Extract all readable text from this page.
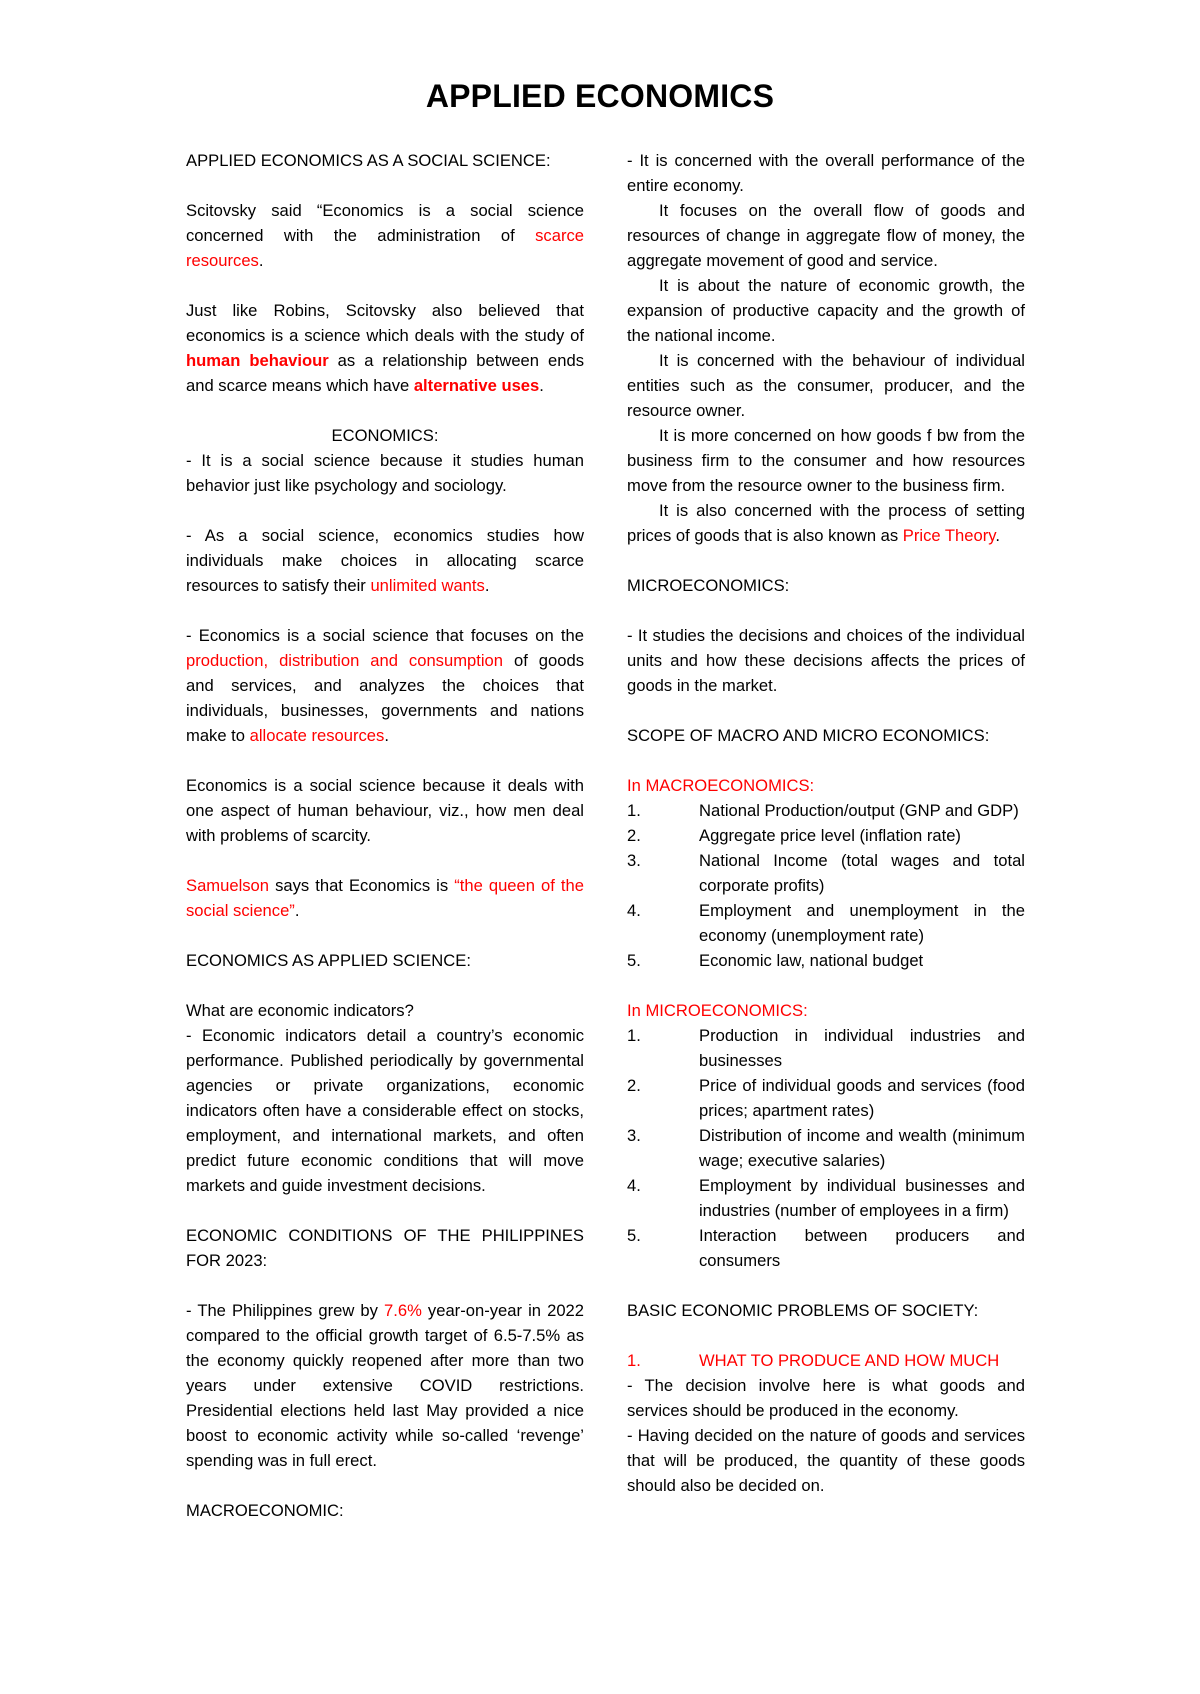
APPLIED ECONOMICS

APPLIED ECONOMICS AS A SOCIAL SCIENCE:

Scitovsky said “Economics is a social science concerned with the administration of scarce resources.

Just like Robins, Scitovsky also believed that economics is a science which deals with the study of human behaviour as a relationship between ends and scarce means which have alternative uses.

ECONOMICS:

- It is a social science because it studies human behavior just like psychology and sociology.

- As a social science, economics studies how individuals make choices in allocating scarce resources to satisfy their unlimited wants.

- Economics is a social science that focuses on the production, distribution and consumption of goods and services, and analyzes the choices that individuals, businesses, governments and nations make to allocate resources.

Economics is a social science because it deals with one aspect of human behaviour, viz., how men deal with problems of scarcity.

Samuelson says that Economics is “the queen of the social science”.

ECONOMICS AS APPLIED SCIENCE:

What are economic indicators?

- Economic indicators detail a country’s economic performance. Published periodically by governmental agencies or private organizations, economic indicators often have a considerable effect on stocks, employment, and international markets, and often predict future economic conditions that will move markets and guide investment decisions.

ECONOMIC CONDITIONS OF THE PHILIPPINES FOR 2023:

- The Philippines grew by 7.6% year-on-year in 2022 compared to the official growth target of 6.5-7.5% as the economy quickly reopened after more than two years under extensive COVID restrictions. Presidential elections held last May provided a nice boost to economic activity while so-called ‘revenge’ spending was in full erect.

MACROECONOMIC:

- It is concerned with the overall performance of the entire economy.

It focuses on the overall flow of goods and resources of change in aggregate flow of money, the aggregate movement of good and service.

It is about the nature of economic growth, the expansion of productive capacity and the growth of the national income.

It is concerned with the behaviour of individual entities such as the consumer, producer, and the resource owner.

It is more concerned on how goods f bw from the business firm to the consumer and how resources move from the resource owner to the business firm.

It is also concerned with the process of setting prices of goods that is also known as Price Theory.

MICROECONOMICS:

- It studies the decisions and choices of the individual units and how these decisions affects the prices of goods in the market.

SCOPE OF MACRO AND MICRO ECONOMICS:

In MACROECONOMICS:

1.	National Production/output (GNP and GDP)
2.	Aggregate price level (inflation rate)
3.	National Income (total wages and total corporate profits)
4.	Employment and unemployment in the economy (unemployment rate)
5.	Economic law, national budget

In MICROECONOMICS:

1.	Production in individual industries and businesses
2.	Price of individual goods and services (food prices; apartment rates)
3.	Distribution of income and wealth (minimum wage; executive salaries)
4.	Employment by individual businesses and industries (number of employees in a firm)
5.	Interaction between producers and consumers

BASIC ECONOMIC PROBLEMS OF SOCIETY:

1.	WHAT TO PRODUCE AND HOW MUCH

- The decision involve here is what goods and services should be produced in the economy.

- Having decided on the nature of goods and services that will be produced, the quantity of these goods should also be decided on.
